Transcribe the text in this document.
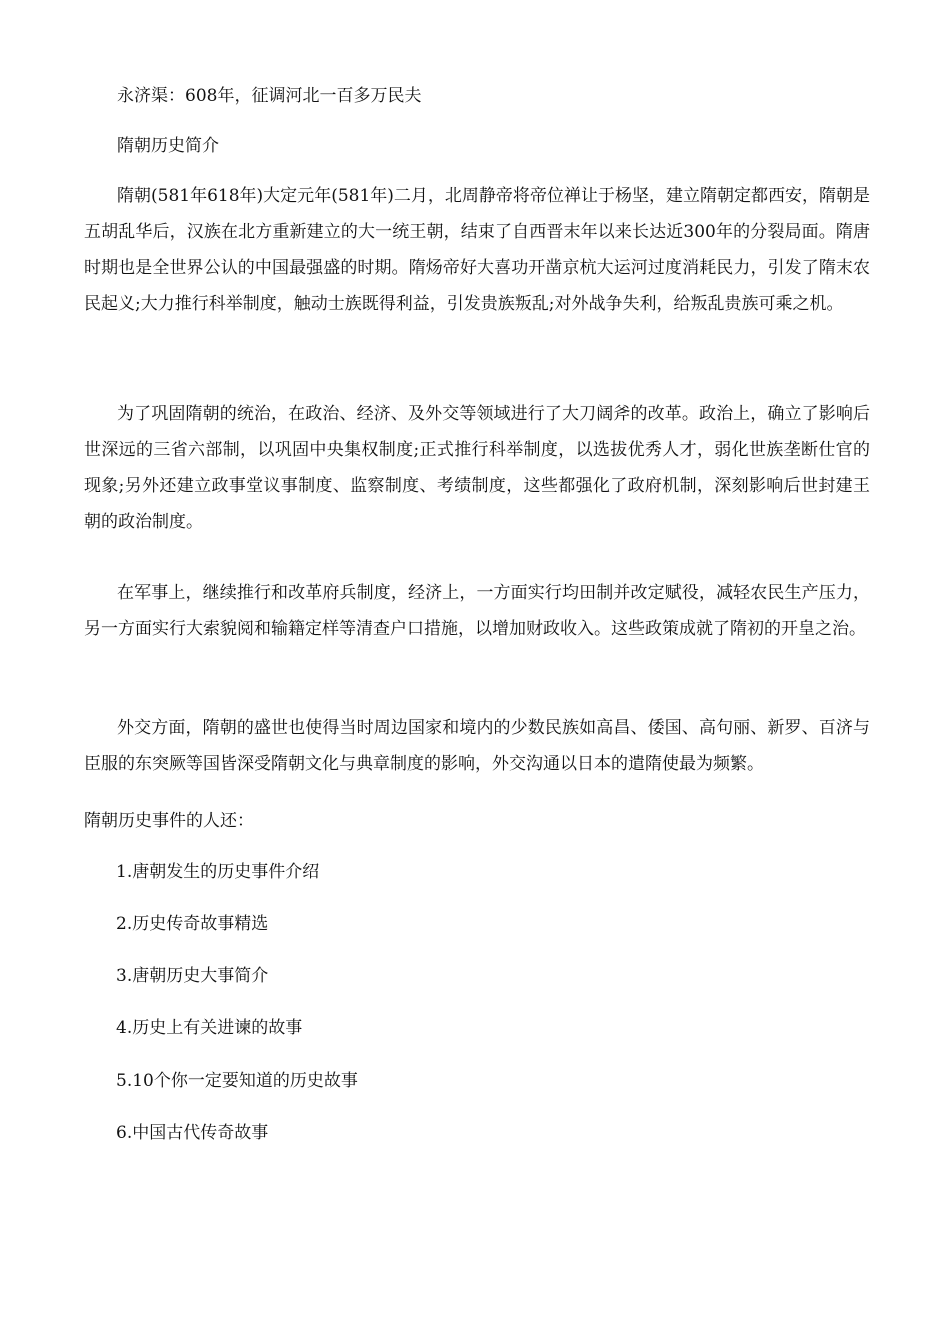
永济渠：608年，征调河北一百多万民夫

隋朝历史简介

隋朝(581年618年)大定元年(581年)二月，北周静帝将帝位禅让于杨坚，建立隋朝定都西安，隋朝是五胡乱华后，汉族在北方重新建立的大一统王朝，结束了自西晋末年以来长达近300年的分裂局面。隋唐时期也是全世界公认的中国最强盛的时期。隋炀帝好大喜功开凿京杭大运河过度消耗民力，引发了隋末农民起义;大力推行科举制度，触动士族既得利益，引发贵族叛乱;对外战争失利，给叛乱贵族可乘之机。

为了巩固隋朝的统治，在政治、经济、及外交等领域进行了大刀阔斧的改革。政治上，确立了影响后世深远的三省六部制，以巩固中央集权制度;正式推行科举制度，以选拔优秀人才，弱化世族垄断仕官的现象;另外还建立政事堂议事制度、监察制度、考绩制度，这些都强化了政府机制，深刻影响后世封建王朝的政治制度。

在军事上，继续推行和改革府兵制度，经济上，一方面实行均田制并改定赋役，减轻农民生产压力，另一方面实行大索貌阅和输籍定样等清查户口措施，以增加财政收入。这些政策成就了隋初的开皇之治。

外交方面，隋朝的盛世也使得当时周边国家和境内的少数民族如高昌、倭国、高句丽、新罗、百济与臣服的东突厥等国皆深受隋朝文化与典章制度的影响，外交沟通以日本的遣隋使最为频繁。

隋朝历史事件的人还：

1.唐朝发生的历史事件介绍

2.历史传奇故事精选

3.唐朝历史大事简介

4.历史上有关进谏的故事

5.10个你一定要知道的历史故事

6.中国古代传奇故事
